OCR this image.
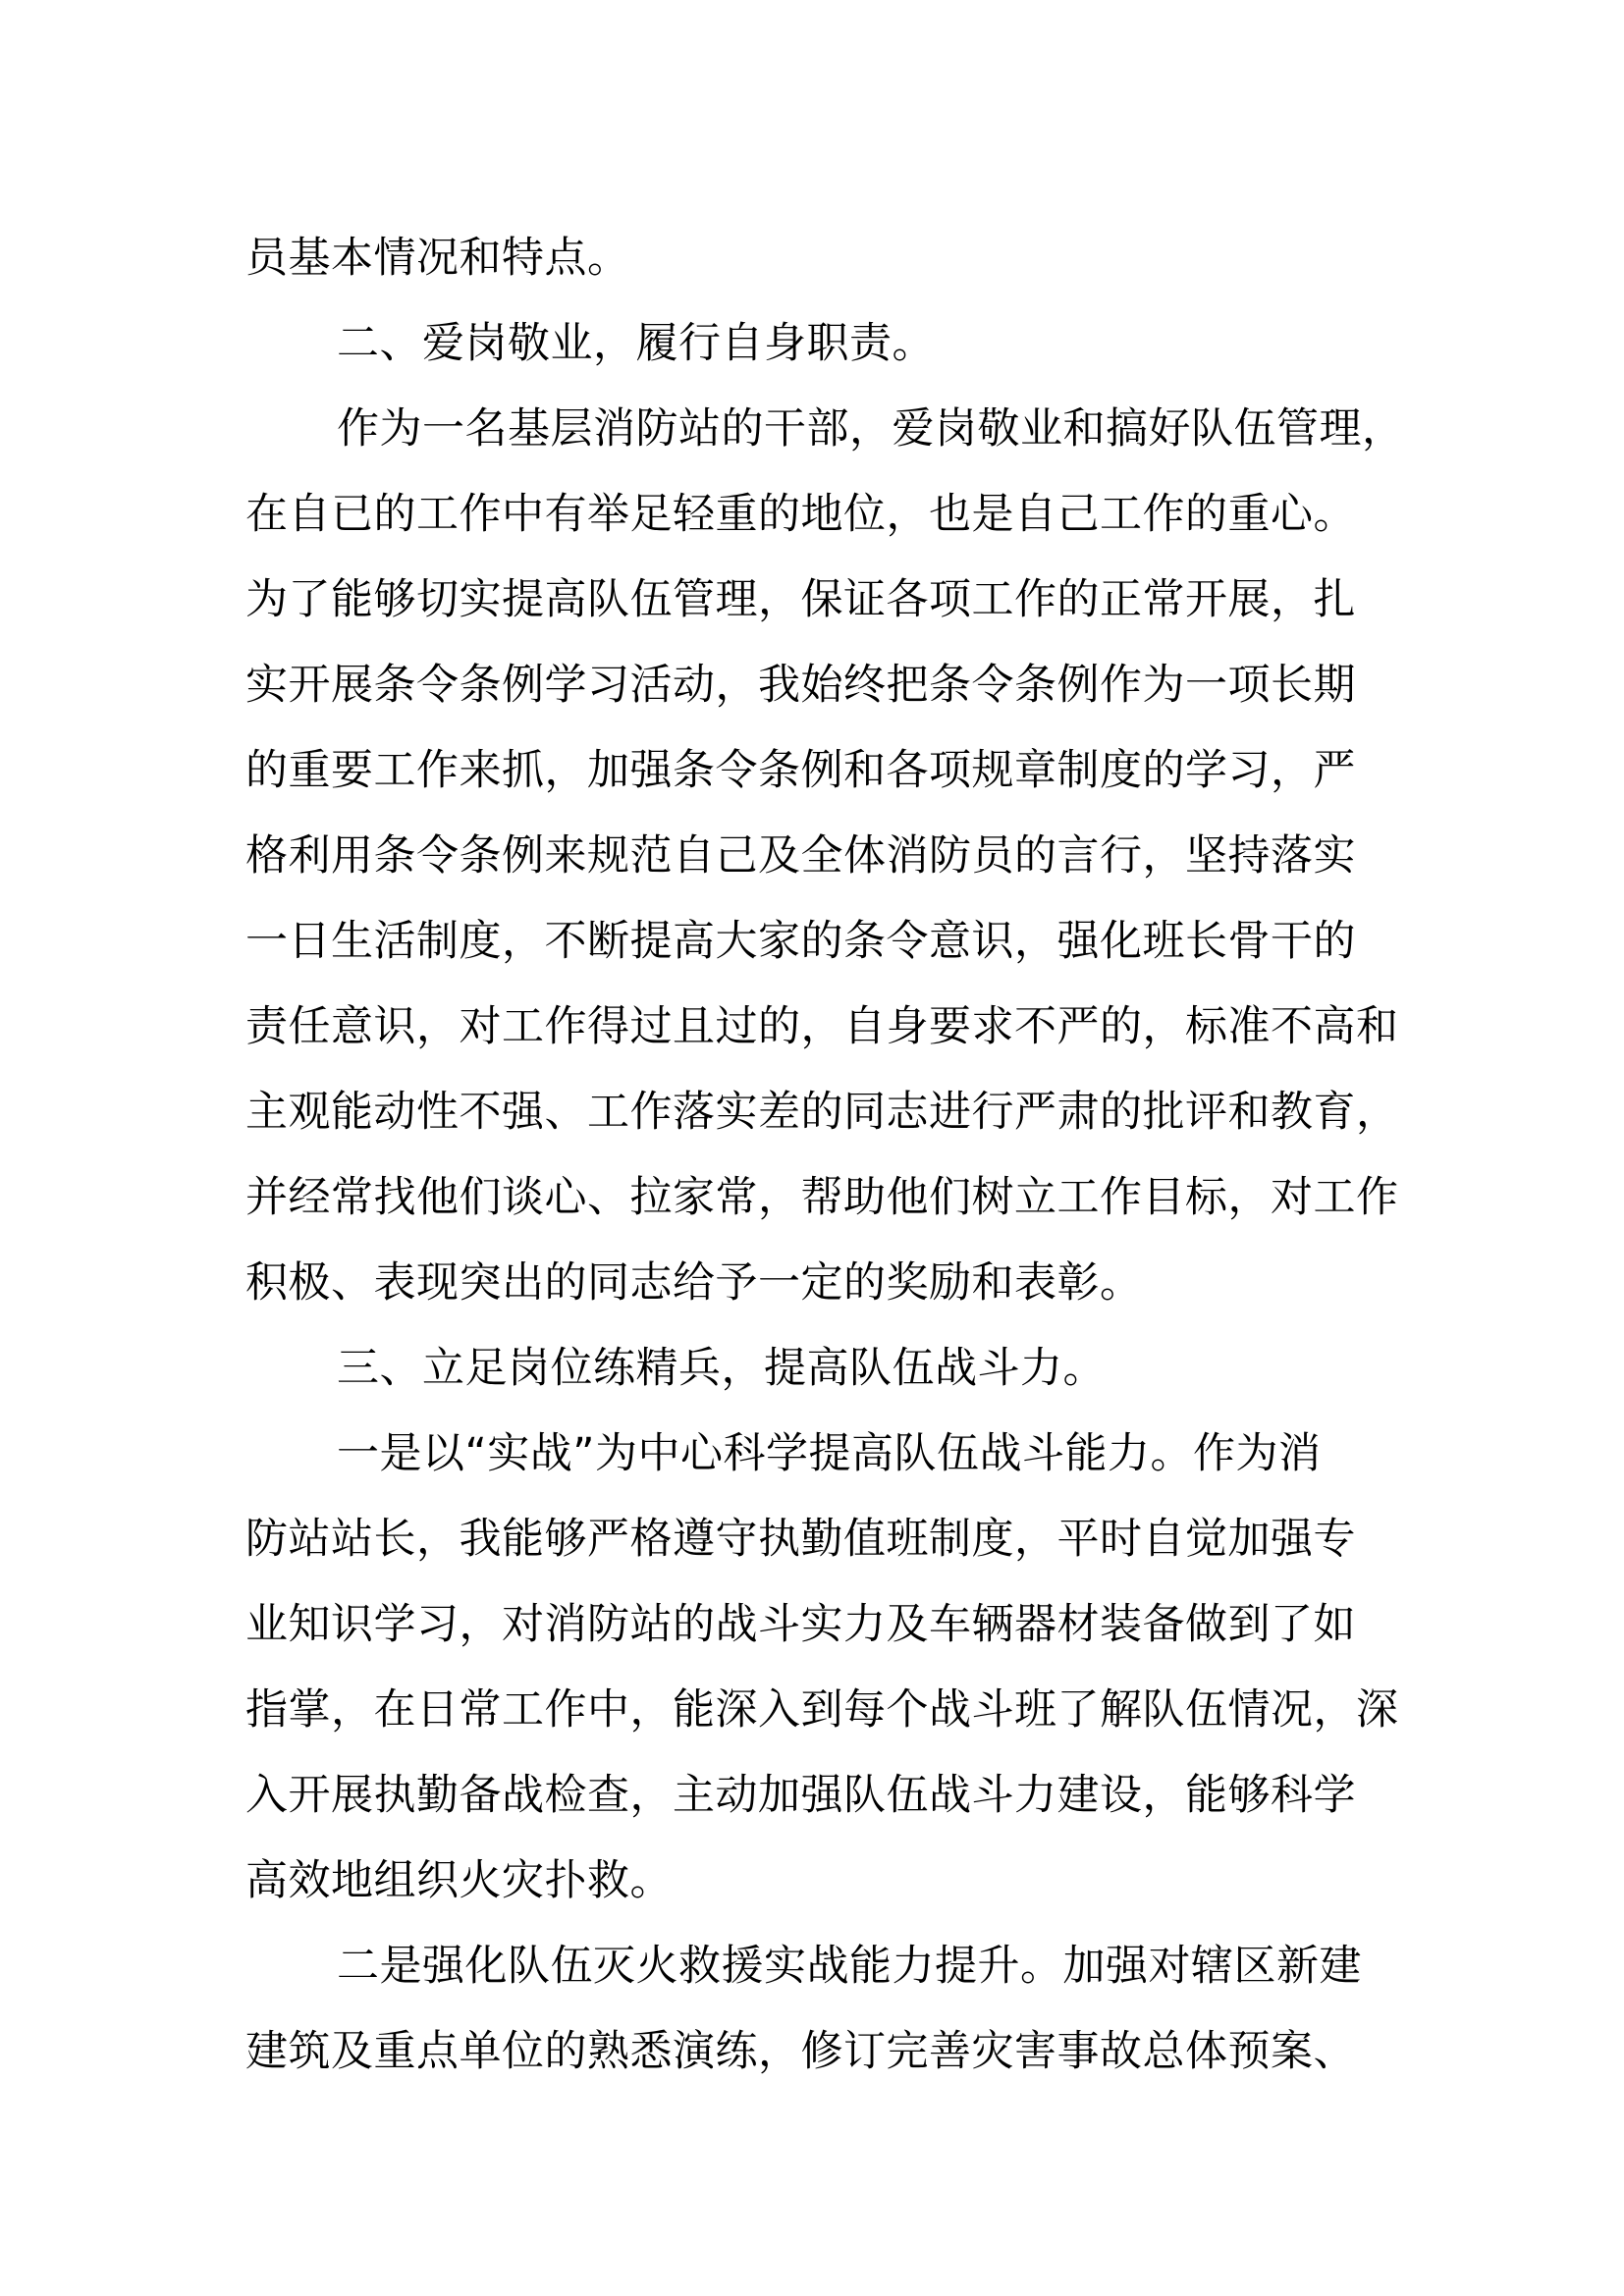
员基本情况和特点。
二、爱岗敬业，履行自身职责。
作为一名基层消防站的干部，爱岗敬业和搞好队伍管理，
在自已的工作中有举足轻重的地位，也是自己工作的重心。
为了能够切实提高队伍管理，保证各项工作的正常开展，扎
实开展条令条例学习活动，我始终把条令条例作为一项长期
的重要工作来抓，加强条令条例和各项规章制度的学习，严
格利用条令条例来规范自己及全体消防员的言行，坚持落实
一日生活制度，不断提高大家的条令意识，强化班长骨干的
责任意识，对工作得过且过的，自身要求不严的，标准不高和
主观能动性不强、工作落实差的同志进行严肃的批评和教育，
并经常找他们谈心、拉家常，帮助他们树立工作目标，对工作
积极、表现突出的同志给予一定的奖励和表彰。
三、立足岗位练精兵，提高队伍战斗力。
一是以“实战”为中心科学提高队伍战斗能力。作为消
防站站长，我能够严格遵守执勤值班制度，平时自觉加强专
业知识学习，对消防站的战斗实力及车辆器材装备做到了如
指掌，在日常工作中，能深入到每个战斗班了解队伍情况，深
入开展执勤备战检查，主动加强队伍战斗力建设，能够科学
高效地组织火灾扑救。
二是强化队伍灭火救援实战能力提升。加强对辖区新建
建筑及重点单位的熟悉演练，修订完善灾害事故总体预案、
